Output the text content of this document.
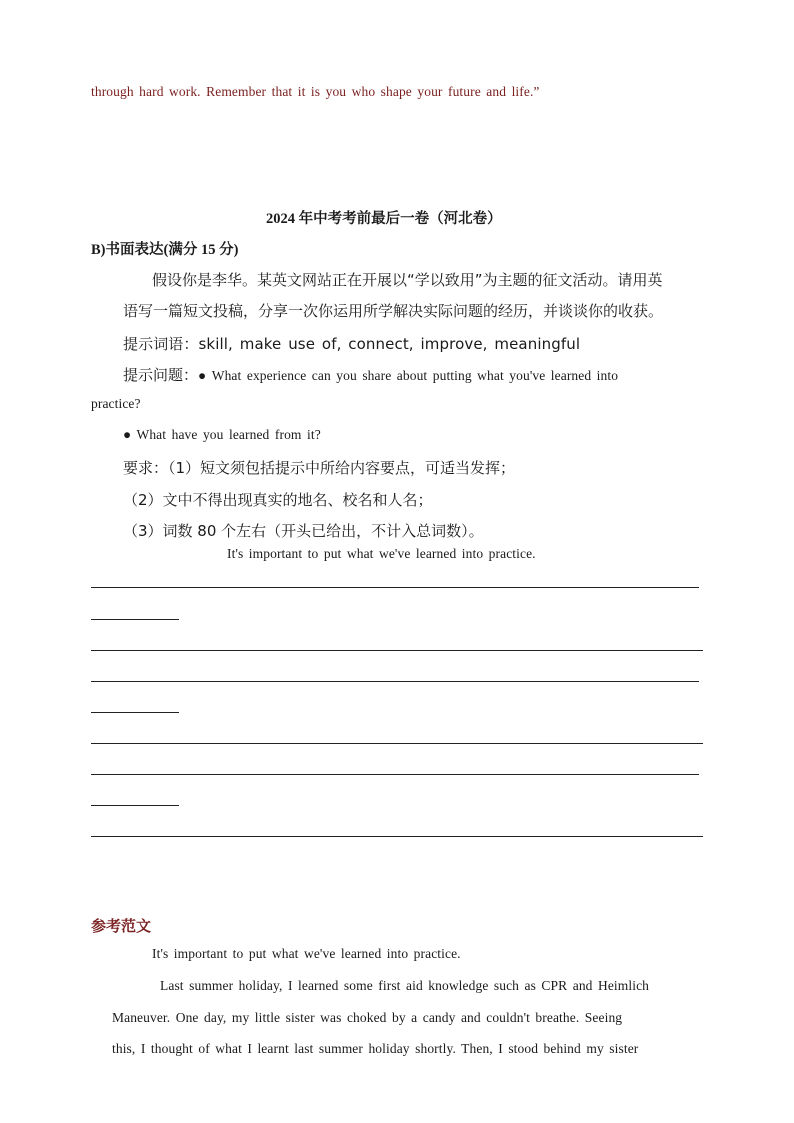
through hard work. Remember that it is you who shape your future and life.”
2024 年中考考前最后一卷（河北卷）
B)书面表达(满分 15 分)
假设你是李华。某英文网站正在开展以“学以致用”为主题的征文活动。请用英
语写一篇短文投稿，分享一次你运用所学解决实际问题的经历，并谈谈你的收获。
提示词语：skill, make use of, connect, improve, meaningful
提示问题：● What experience can you share about putting what you've learned into
practice?
● What have you learned from it?
要求：（1）短文须包括提示中所给内容要点，可适当发挥；
（2）文中不得出现真实的地名、校名和人名；
（3）词数 80 个左右（开头已给出，不计入总词数）。
It's important to put what we've learned into practice.
参考范文
It's important to put what we've learned into practice.
Last summer holiday, I learned some first aid knowledge such as CPR and Heimlich
Maneuver. One day, my little sister was choked by a candy and couldn't breathe. Seeing
this, I thought of what I learnt last summer holiday shortly. Then, I stood behind my sister
